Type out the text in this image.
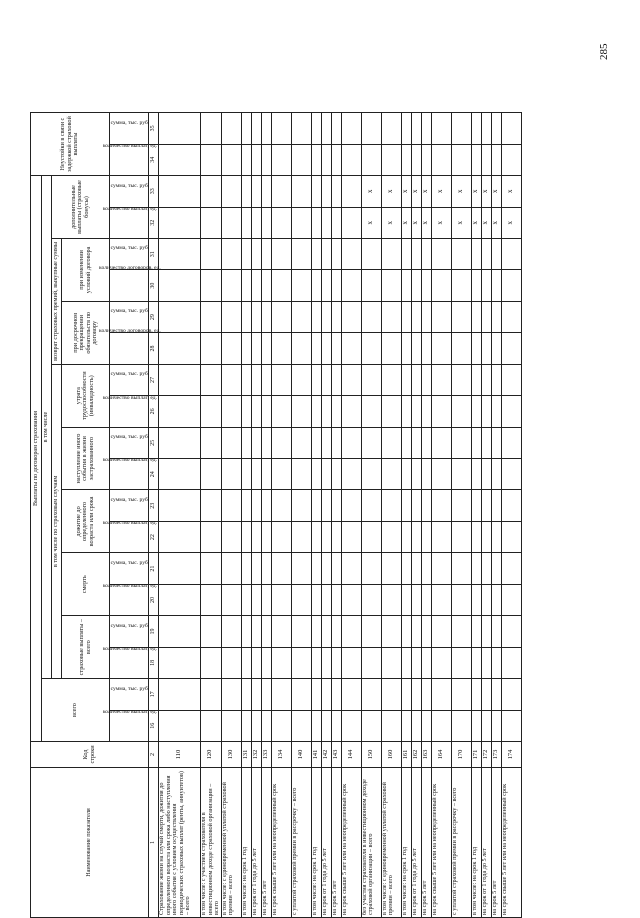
285
Наименование показателя	Код строки	Выплаты по договорам страхования																		Неустойки в связи с задержкой страховой выплаты	
		всего		в том числе																	
				в том числе по страховым случаям										возврат страховых премий, выкупные суммы				дополнительные выплаты (страховые бонусы)			
				страховые выплаты – всего		смерть		дожитие до определенного возраста или срока		наступление иного события в жизни застрахованного		утрата трудоспособности (инвалидность)		при досрочном прекращении обязательств по договору		при изменении условий договора					
		количество выплат, ед.	сумма, тыс. руб.	количество выплат, ед.	сумма, тыс. руб.	количество выплат, ед.	сумма, тыс. руб.	количество выплат, ед.	сумма, тыс. руб.	количество выплат, ед.	сумма, тыс. руб.	количество выплат, ед.	сумма, тыс. руб.	количество договоров, ед.	сумма, тыс. руб.	количество договоров, ед.	сумма, тыс. руб.	количество выплат, ед.	сумма, тыс. руб.	количество выплат, ед.	сумма, тыс. руб.
1	2	16	17	18	19	20	21	22	23	24	25	26	27	28	29	30	31	32	33	34	35
Страхование жизни на случай смерти, дожития до определенного возраста или срока либо наступления иного события с условием осуществления периодических страховых выплат (ренты, аннуитетов) – всего	110																				
в том числе: с участием страхователя в инвестиционном доходе страховой организации – всего	120																				
в том числе: с единовременной уплатой страховой премии – всего	130																				
в том числе: на срок 1 год	131																				
на срок от 1 года до 5 лет	132																				
на срок 5 лет	133																				
на срок свыше 5 лет или на неопределенный срок	134																				
с уплатой страховой премии в рассрочку – всего	140																				
в том числе: на срок 1 год	141																				
на срок от 1 года до 5 лет	142																				
на срок 5 лет	143																				
на срок свыше 5 лет или на неопределенный срок	144																				
без участия страхователя в инвестиционном доходе страховой организации – всего	150																	x	x		
в том числе: с единовременной уплатой страховой премии – всего	160																	x	x		
в том числе: на срок 1 год	161																	x	x		
на срок от 1 года до 5 лет	162																	x	x		
на срок 5 лет	163																	x	x		
на срок свыше 5 лет или на неопределенный срок	164																	x	x		
с уплатой страховой премии в рассрочку – всего	170																	x	x		
в том числе: на срок 1 год	171																	x	x		
на срок от 1 года до 5 лет	172																	x	x		
на срок 5 лет	173																	x	x		
на срок свыше 5 лет или на неопределенный срок	174																	x	x		
